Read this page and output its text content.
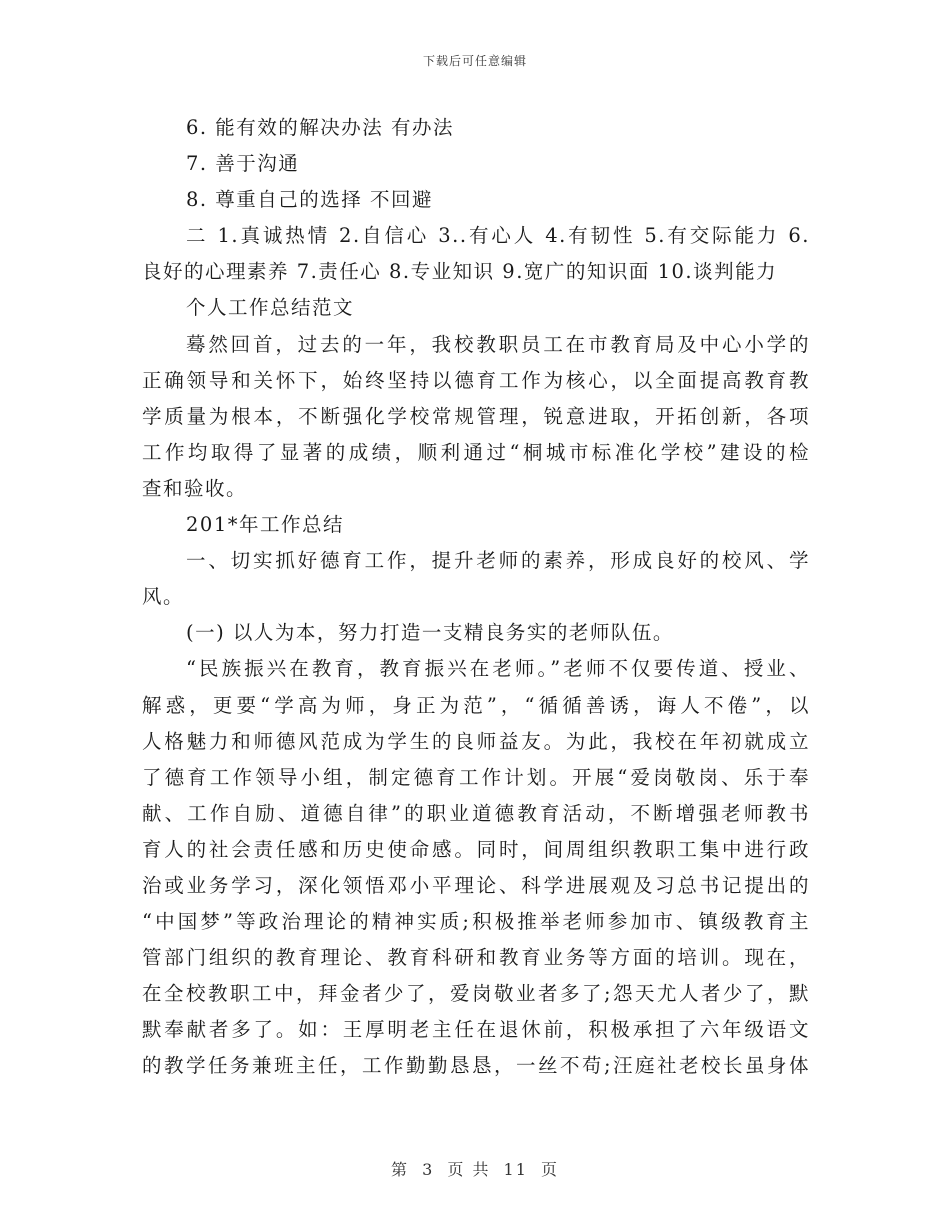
下载后可任意编辑
6. 能有效的解决办法 有办法
7. 善于沟通
8. 尊重自己的选择 不回避
二 1.真诚热情 2.自信心 3..有心人 4.有韧性 5.有交际能力 6.
良好的心理素养 7.责任心 8.专业知识 9.宽广的知识面 10.谈判能力
个人工作总结范文
蓦然回首，过去的一年，我校教职员工在市教育局及中心小学的
正确领导和关怀下，始终坚持以德育工作为核心，以全面提高教育教
学质量为根本，不断强化学校常规管理，锐意进取，开拓创新，各项
工作均取得了显著的成绩，顺利通过“桐城市标准化学校”建设的检
查和验收。
201*年工作总结
一、切实抓好德育工作，提升老师的素养，形成良好的校风、学
风。
(一) 以人为本，努力打造一支精良务实的老师队伍。
“民族振兴在教育，教育振兴在老师。”老师不仅要传道、授业、
解惑，更要“学高为师，身正为范”，“循循善诱，诲人不倦”，以
人格魅力和师德风范成为学生的良师益友。为此，我校在年初就成立
了德育工作领导小组，制定德育工作计划。开展“爱岗敬岗、乐于奉
献、工作自励、道德自律”的职业道德教育活动，不断增强老师教书
育人的社会责任感和历史使命感。同时，间周组织教职工集中进行政
治或业务学习，深化领悟邓小平理论、科学进展观及习总书记提出的
“中国梦”等政治理论的精神实质;积极推举老师参加市、镇级教育主
管部门组织的教育理论、教育科研和教育业务等方面的培训。现在，
在全校教职工中，拜金者少了，爱岗敬业者多了;怨天尤人者少了，默
默奉献者多了。如：王厚明老主任在退休前，积极承担了六年级语文
的教学任务兼班主任，工作勤勤恳恳，一丝不苟;汪庭社老校长虽身体
第 3 页 共 11 页
